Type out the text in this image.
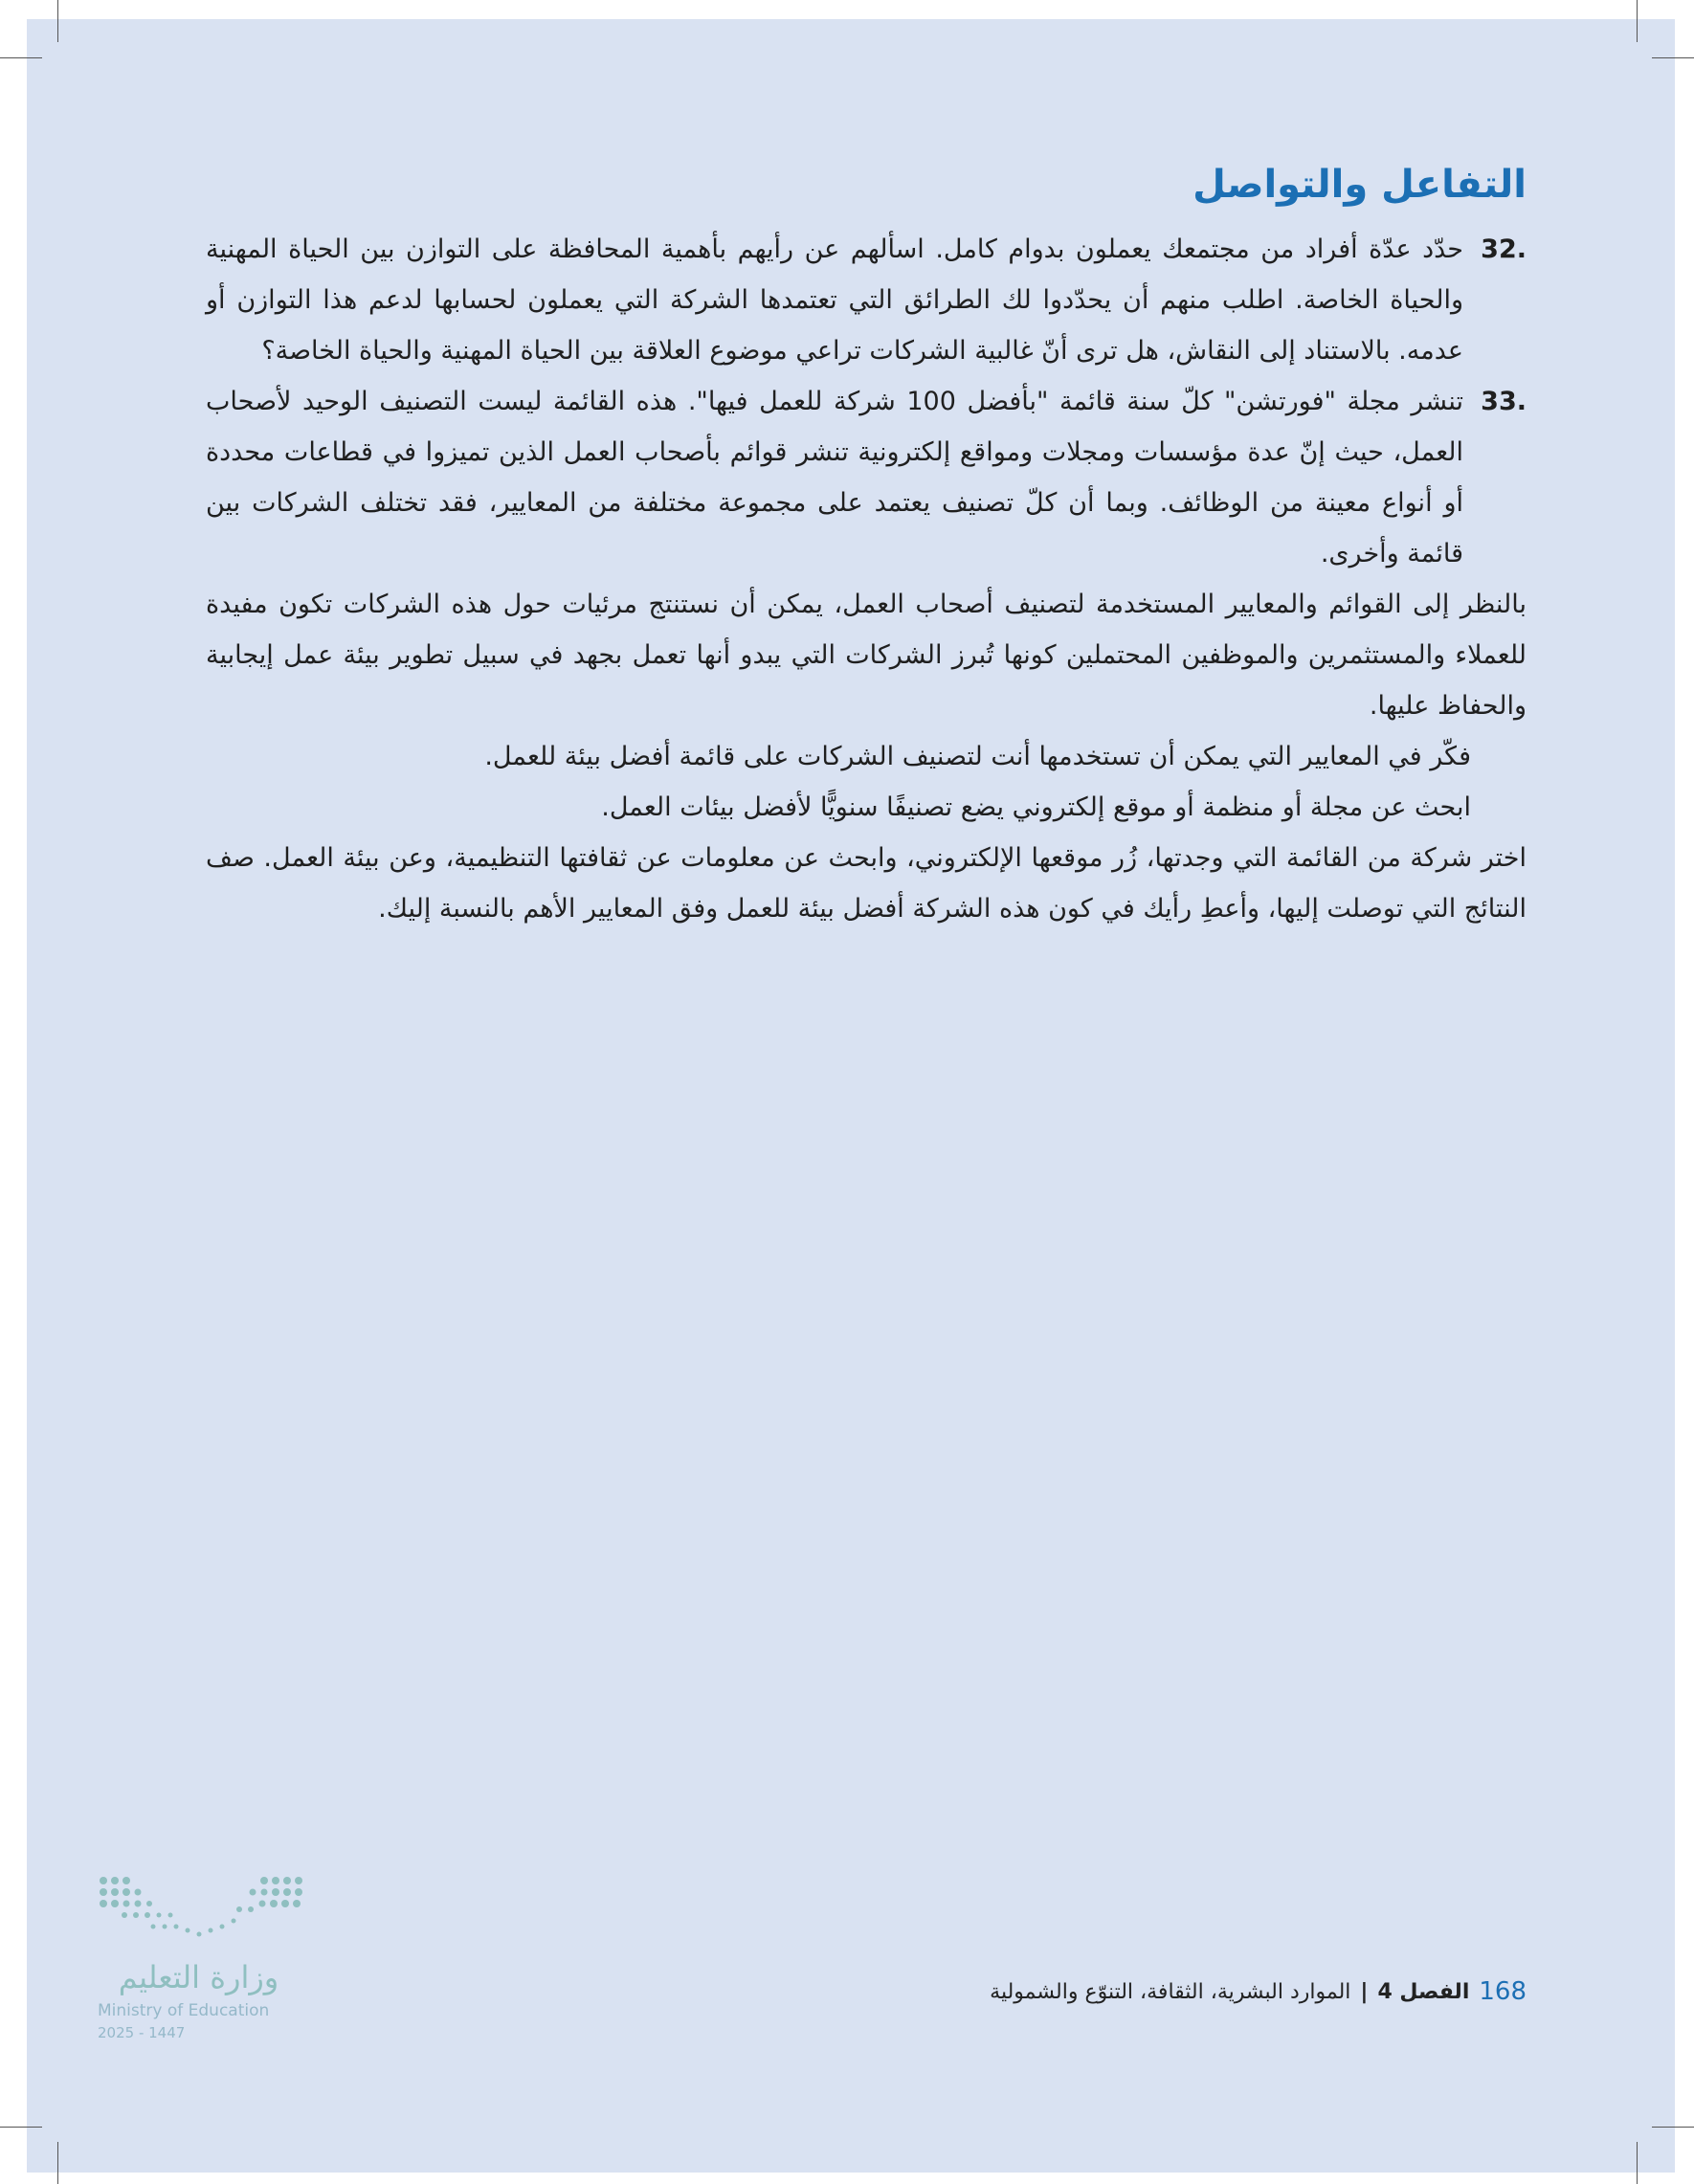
التفاعل والتواصل
32.
حدّد عدّة أفراد من مجتمعك يعملون بدوام كامل. اسألهم عن رأيهم بأهمية المحافظة على التوازن بين الحياة المهنية والحياة الخاصة. اطلب منهم أن يحدّدوا لك الطرائق التي تعتمدها الشركة التي يعملون لحسابها لدعم هذا التوازن أو عدمه. بالاستناد إلى النقاش، هل ترى أنّ غالبية الشركات تراعي موضوع العلاقة بين الحياة المهنية والحياة الخاصة؟
33.
تنشر مجلة "فورتشن" كلّ سنة قائمة "بأفضل 100 شركة للعمل فيها". هذه القائمة ليست التصنيف الوحيد لأصحاب العمل، حيث إنّ عدة مؤسسات ومجلات ومواقع إلكترونية تنشر قوائم بأصحاب العمل الذين تميزوا في قطاعات محددة أو أنواع معينة من الوظائف. وبما أن كلّ تصنيف يعتمد على مجموعة مختلفة من المعايير، فقد تختلف الشركات بين قائمة وأخرى.

بالنظر إلى القوائم والمعايير المستخدمة لتصنيف أصحاب العمل، يمكن أن نستنتج مرئيات حول هذه الشركات تكون مفيدة للعملاء والمستثمرين والموظفين المحتملين كونها تُبرز الشركات التي يبدو أنها تعمل بجهد في سبيل تطوير بيئة عمل إيجابية والحفاظ عليها.

فكّر في المعايير التي يمكن أن تستخدمها أنت لتصنيف الشركات على قائمة أفضل بيئة للعمل.

ابحث عن مجلة أو منظمة أو موقع إلكتروني يضع تصنيفًا سنويًّا لأفضل بيئات العمل.

اختر شركة من القائمة التي وجدتها، زُر موقعها الإلكتروني، وابحث عن معلومات عن ثقافتها التنظيمية، وعن بيئة العمل. صف النتائج التي توصلت إليها، وأعطِ رأيك في كون هذه الشركة أفضل بيئة للعمل وفق المعايير الأهم بالنسبة إليك.

168
الفصل 4
|
الموارد البشرية، الثقافة، التنوّع والشمولية
وزارة التعليم
Ministry of Education
2025 - 1447
